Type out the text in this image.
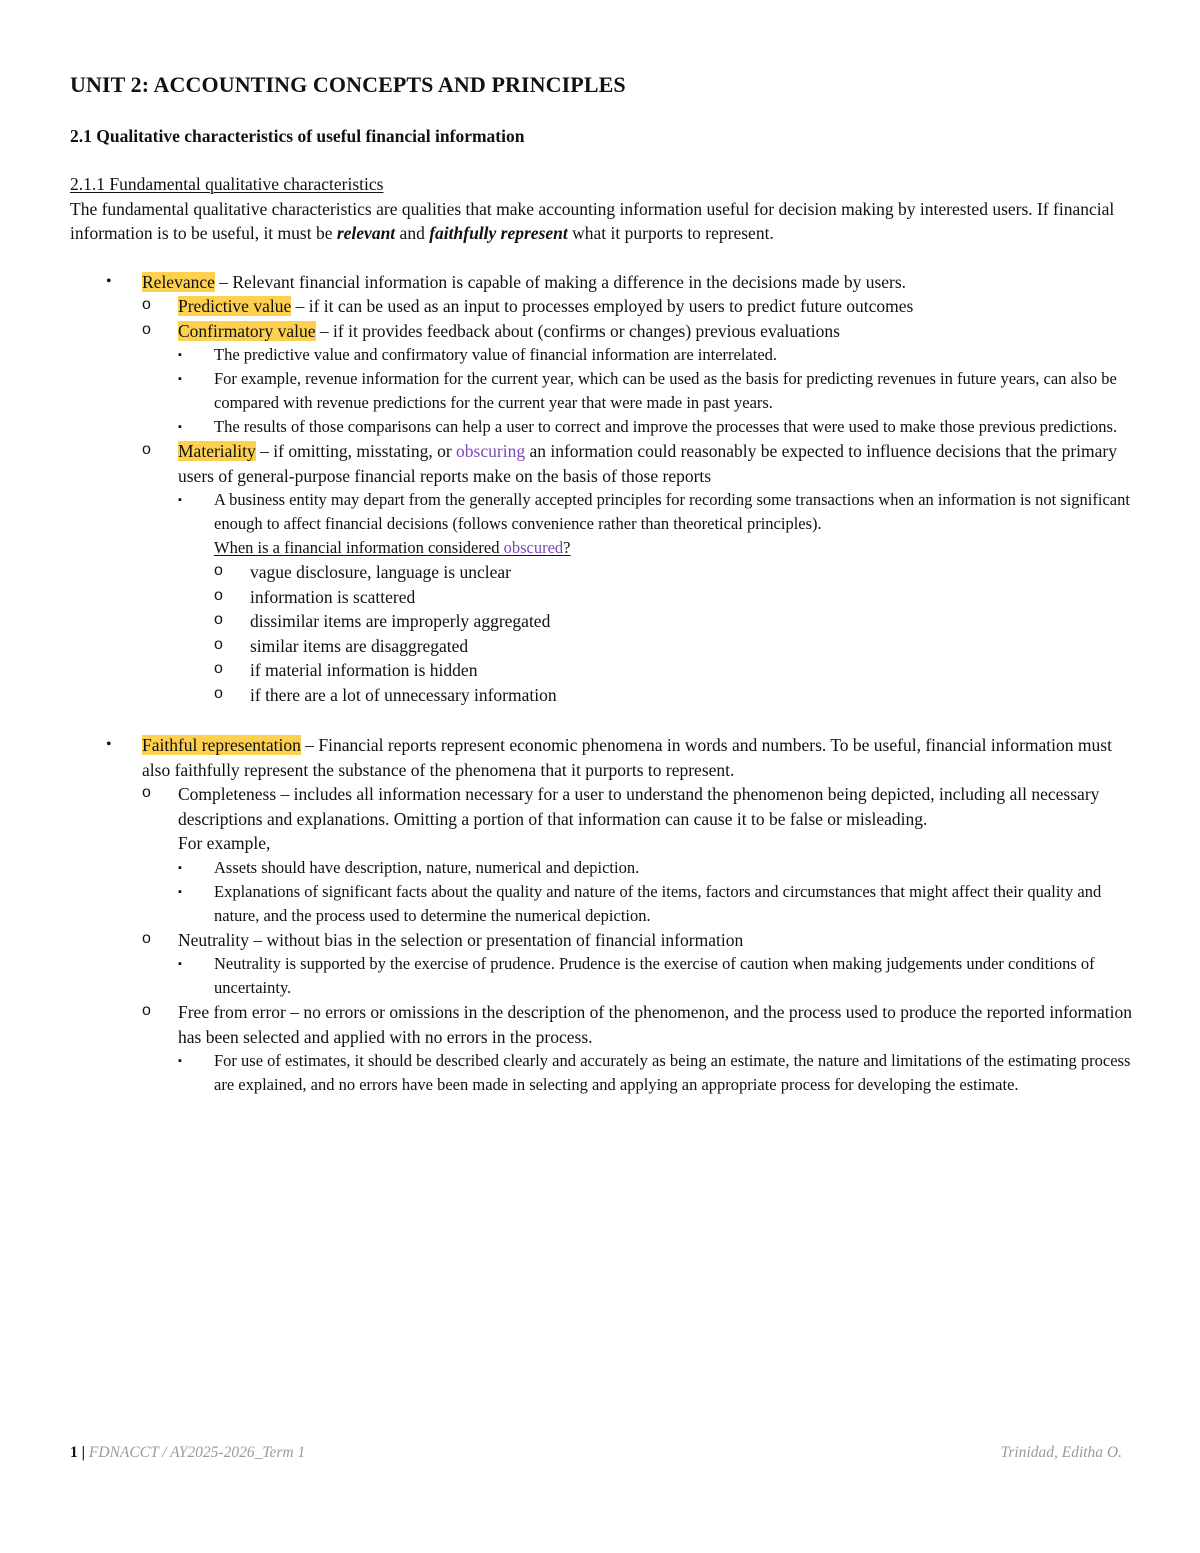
UNIT 2: ACCOUNTING CONCEPTS AND PRINCIPLES
2.1 Qualitative characteristics of useful financial information

2.1.1 Fundamental qualitative characteristics

The fundamental qualitative characteristics are qualities that make accounting information useful for decision making by interested users. If financial information is to be useful, it must be relevant and faithfully represent what it purports to represent.

• Relevance – Relevant financial information is capable of making a difference in the decisions made by users.
o Predictive value – if it can be used as an input to processes employed by users to predict future outcomes
o Confirmatory value – if it provides feedback about (confirms or changes) previous evaluations
▪ The predictive value and confirmatory value of financial information are interrelated.
▪ For example, revenue information for the current year, which can be used as the basis for predicting revenues in future years, can also be compared with revenue predictions for the current year that were made in past years.
▪ The results of those comparisons can help a user to correct and improve the processes that were used to make those previous predictions.
o Materiality – if omitting, misstating, or obscuring an information could reasonably be expected to influence decisions that the primary users of general-purpose financial reports make on the basis of those reports
▪ A business entity may depart from the generally accepted principles for recording some transactions when an information is not significant enough to affect financial decisions (follows convenience rather than theoretical principles).
When is a financial information considered obscured?
o vague disclosure, language is unclear
o information is scattered
o dissimilar items are improperly aggregated
o similar items are disaggregated
o if material information is hidden
o if there are a lot of unnecessary information
• Faithful representation – Financial reports represent economic phenomena in words and numbers. To be useful, financial information must also faithfully represent the substance of the phenomena that it purports to represent.
o Completeness – includes all information necessary for a user to understand the phenomenon being depicted, including all necessary descriptions and explanations. Omitting a portion of that information can cause it to be false or misleading.
For example,
▪ Assets should have description, nature, numerical and depiction.
▪ Explanations of significant facts about the quality and nature of the items, factors and circumstances that might affect their quality and nature, and the process used to determine the numerical depiction.
o Neutrality – without bias in the selection or presentation of financial information
▪ Neutrality is supported by the exercise of prudence. Prudence is the exercise of caution when making judgements under conditions of uncertainty.
o Free from error – no errors or omissions in the description of the phenomenon, and the process used to produce the reported information has been selected and applied with no errors in the process.
▪ For use of estimates, it should be described clearly and accurately as being an estimate, the nature and limitations of the estimating process are explained, and no errors have been made in selecting and applying an appropriate process for developing the estimate.
1 | FDNACCT / AY2025-2026_Term 1	Trinidad, Editha O.
